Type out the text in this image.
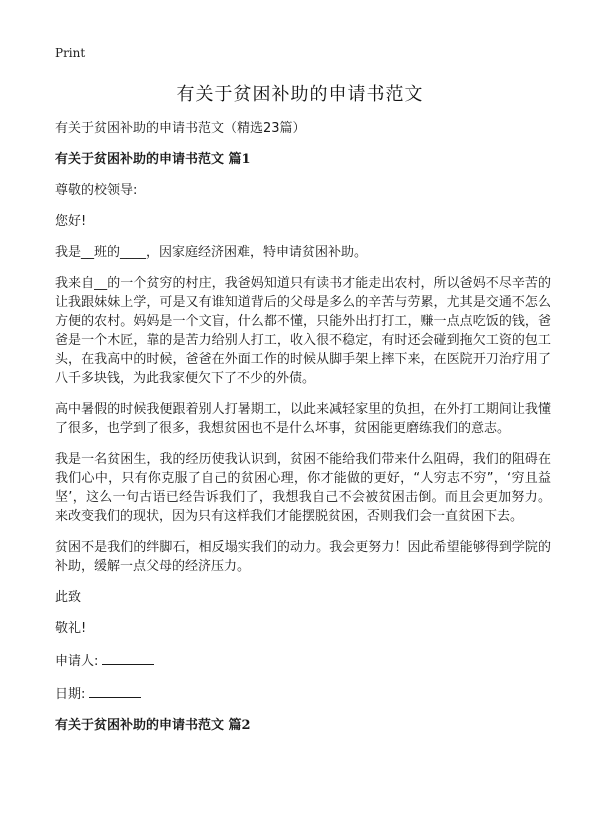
Print
有关于贫困补助的申请书范文

有关于贫困补助的申请书范文（精选23篇）

有关于贫困补助的申请书范文 篇1

尊敬的校领导:

您好!

我是__班的____，因家庭经济困难，特申请贫困补助。

我来自__的一个贫穷的村庄，我爸妈知道只有读书才能走出农村，所以爸妈不尽辛苦的让我跟妹妹上学，可是又有谁知道背后的父母是多么的辛苦与劳累，尤其是交通不怎么方便的农村。妈妈是一个文盲，什么都不懂，只能外出打打工，赚一点点吃饭的钱，爸爸是一个木匠，靠的是苦力给别人打工，收入很不稳定，有时还会碰到拖欠工资的包工头，在我高中的时候，爸爸在外面工作的时候从脚手架上摔下来，在医院开刀治疗用了八千多块钱，为此我家便欠下了不少的外债。

高中暑假的时候我便跟着别人打暑期工，以此来减轻家里的负担，在外打工期间让我懂了很多，也学到了很多，我想贫困也不是什么坏事，贫困能更磨练我们的意志。

我是一名贫困生，我的经历使我认识到，贫困不能给我们带来什么阻碍，我们的阻碍在我们心中，只有你克服了自己的贫困心理，你才能做的更好，“人穷志不穷”，‘穷且益坚’，这么一句古语已经告诉我们了，我想我自己不会被贫困击倒。而且会更加努力。来改变我们的现状，因为只有这样我们才能摆脱贫困，否则我们会一直贫困下去。

贫困不是我们的绊脚石，相反塌实我们的动力。我会更努力！因此希望能够得到学院的补助，缓解一点父母的经济压力。

此致

敬礼!

申请人:

日期:

有关于贫困补助的申请书范文 篇2
